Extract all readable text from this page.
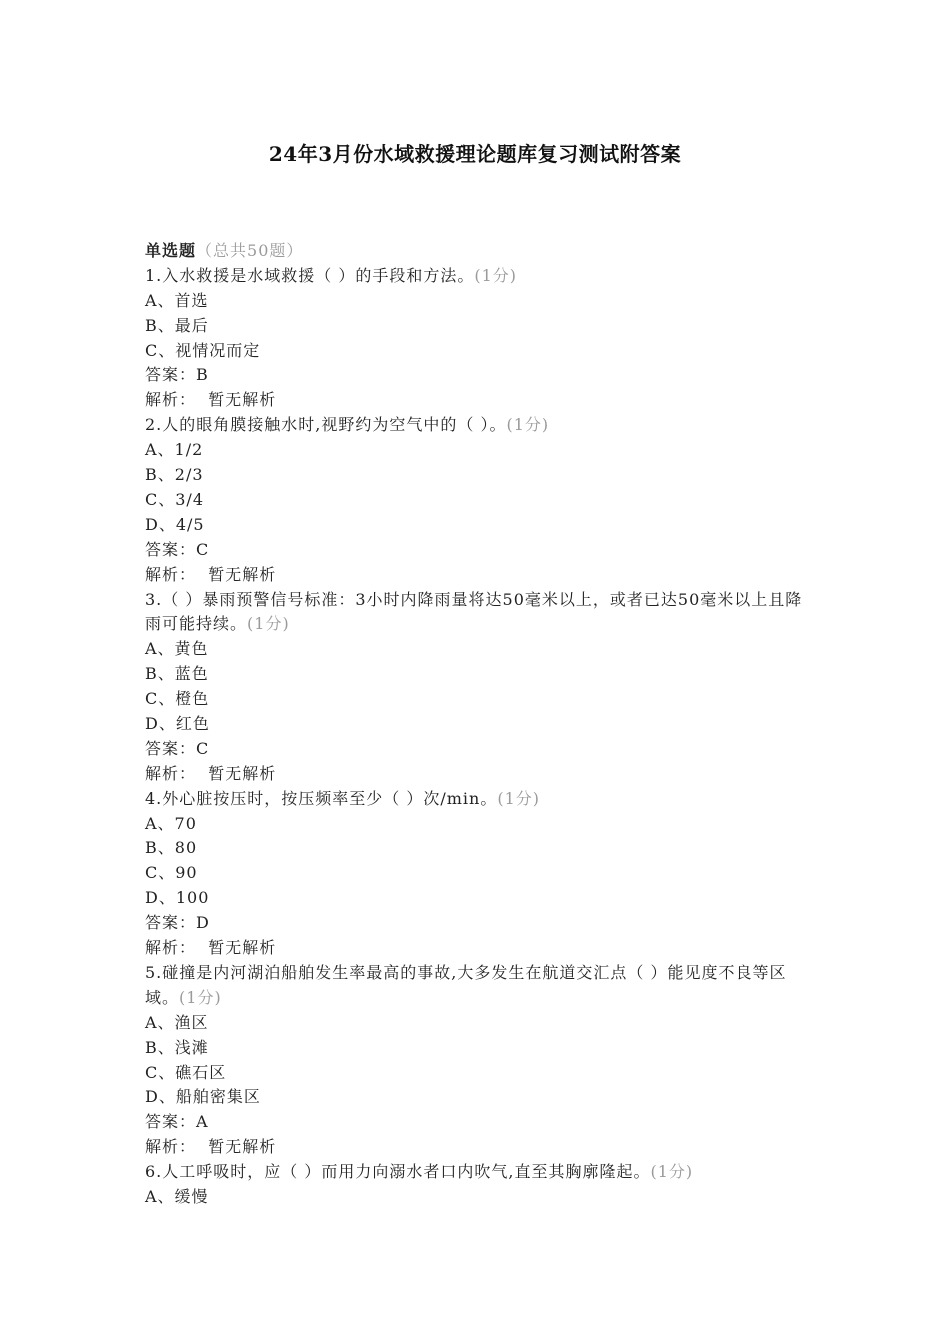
24年3月份水域救援理论题库复习测试附答案
单选题（总共50题）
1.入水救援是水域救援（ ）的手段和方法。(1分)
A、首选
B、最后
C、视情况而定
答案：B
解析： 暂无解析
2.人的眼角膜接触水时,视野约为空气中的（ ）。(1分)
A、1/2
B、2/3
C、3/4
D、4/5
答案：C
解析： 暂无解析
3.（ ）暴雨预警信号标准：3小时内降雨量将达50毫米以上，或者已达50毫米以上且降雨可能持续。(1分)
A、黄色
B、蓝色
C、橙色
D、红色
答案：C
解析： 暂无解析
4.外心脏按压时，按压频率至少（ ）次/min。(1分)
A、70
B、80
C、90
D、100
答案：D
解析： 暂无解析
5.碰撞是内河湖泊船舶发生率最高的事故,大多发生在航道交汇点（ ）能见度不良等区域。(1分)
A、渔区
B、浅滩
C、礁石区
D、船舶密集区
答案：A
解析： 暂无解析
6.人工呼吸时，应（ ）而用力向溺水者口内吹气,直至其胸廓隆起。(1分)
A、缓慢
